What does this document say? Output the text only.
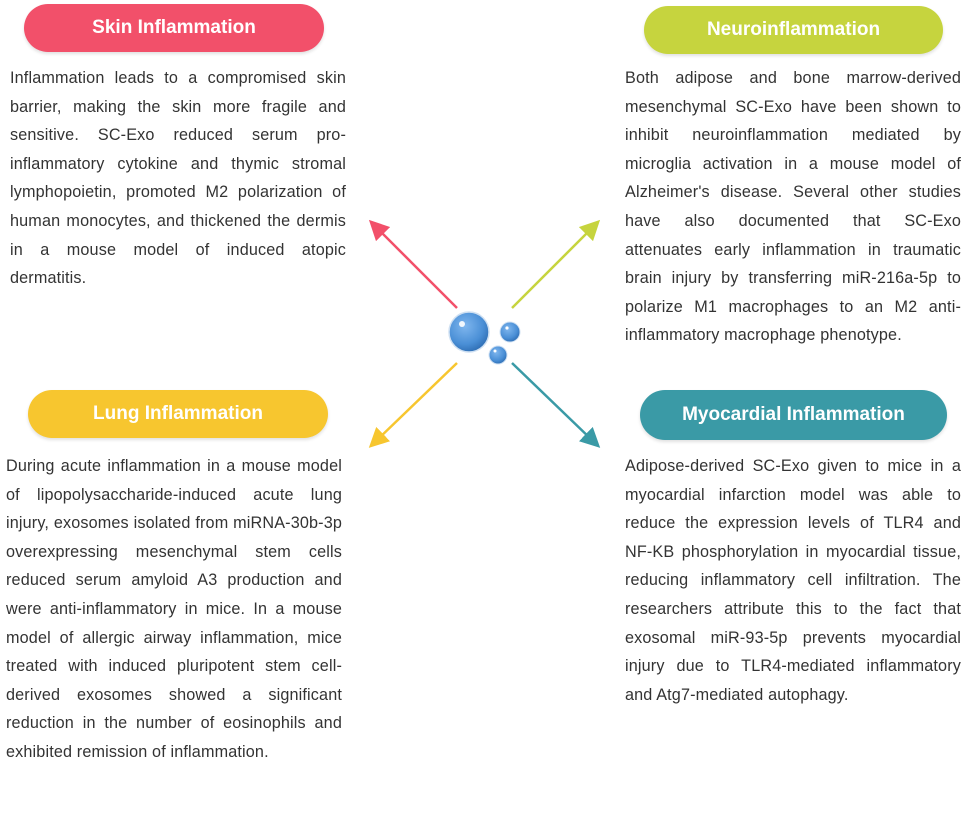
Skin Inflammation

Inflammation leads to a compromised skin barrier, making the skin more fragile and sensitive. SC-Exo reduced serum pro-inflammatory cytokine and thymic stromal lymphopoietin, promoted M2 polarization of human monocytes, and thickened the dermis in a mouse model of induced atopic dermatitis.

Neuroinflammation

Both adipose and bone marrow-derived mesenchymal SC-Exo have been shown to inhibit neuroinflammation mediated by microglia activation in a mouse model of Alzheimer's disease. Several other studies have also documented that SC-Exo attenuates early inflammation in traumatic brain injury by transferring miR-216a-5p to polarize M1 macrophages to an M2 anti-inflammatory macrophage phenotype.

Lung Inflammation

During acute inflammation in a mouse model of lipopolysaccharide-induced acute lung injury, exosomes isolated from miRNA-30b-3p overexpressing mesenchymal stem cells reduced serum amyloid A3 production and were anti-inflammatory in mice. In a mouse model of allergic airway inflammation, mice treated with induced pluripotent stem cell-derived exosomes showed a significant reduction in the number of eosinophils and exhibited remission of inflammation.

Myocardial Inflammation

Adipose-derived SC-Exo given to mice in a myocardial infarction model was able to reduce the expression levels of TLR4 and NF-KB phosphorylation in myocardial tissue, reducing inflammatory cell infiltration. The researchers attribute this to the fact that exosomal miR-93-5p prevents myocardial injury due to TLR4-mediated inflammatory and Atg7-mediated autophagy.
